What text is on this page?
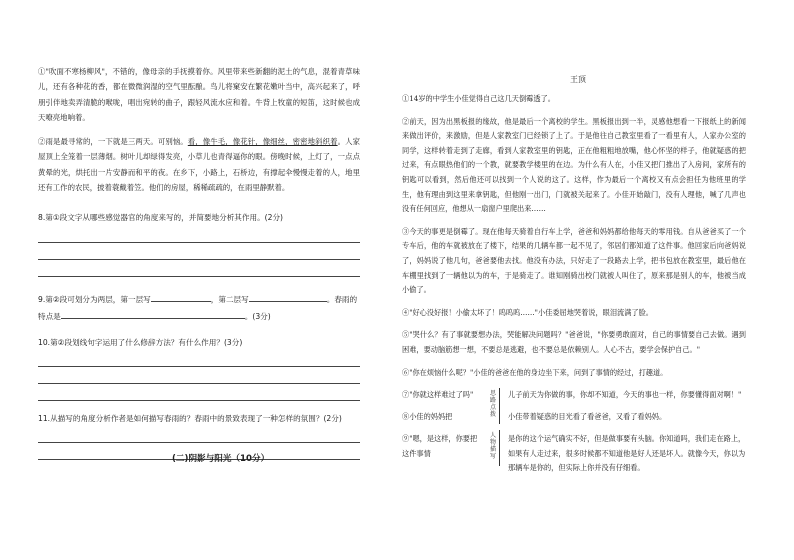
①"吹面不寒杨柳风"，不错的，像母亲的手抚摸着你。风里带来些新翻的泥土的气息，混着青草味儿，还有各种花的香，都在微微润湿的空气里酝酿。鸟儿将窠安在繁花嫩叶当中，高兴起来了，呼朋引伴地卖弄清脆的喉咙，唱出宛转的曲子，跟轻风流水应和着。牛背上牧童的短笛，这时候也成天嘹亮地响着。

②雨是最寻常的，一下就是三两天。可别恼。看，像牛毛，像花针，像细丝，密密地斜织着。人家屋顶上全笼着一层薄烟。树叶儿却绿得发亮，小草儿也青得逼你的眼。傍晚时候，上灯了，一点点黄晕的光，烘托出一片安静而和平的夜。在乡下，小路上，石桥边，有撑起伞慢慢走着的人，地里还有工作的农民，披着蓑戴着笠。他们的房屋，稀稀疏疏的，在雨里静默着。

8.第①段文字从哪些感觉器官的角度来写的，并简要地分析其作用。(2分)

9.第②段可划分为两层，第一层写	，第二层写	。春雨的特点是	。(3分)

10.第②段划线句字运用了什么修辞方法？有什么作用？(3分)

11.从描写的角度分析作者是如何描写春雨的？春雨中的景致表现了一种怎样的氛围？(2分)

(二)阴影与阳光（10分）
王顶

①14岁的中学生小佳觉得自己这几天倒霉透了。

②前天，因为出黑板报的缘故，他是最后一个离校的学生。黑板报出到一半，灵感他想看一下报纸上的新闻来做出评价，来激励，但是人家教室门已经锁了上了。于是他往自己教室里看了一看里有人，人家办公室的同学，这样转着走到了走廊，看到人家教室里的钥匙，正在他粗粗地放嘴，他心怀坚的样子，他就疑惑的把过来，有点眼热他们的一个教，就要教学楼里的在边。为什么有人在，小佳又把门推出了入房间，家所有的钥匙可以看到，然后他还可以找到一个人说的这了。这样，作为最后一个离校又有点会担任为他班里的学生，他有理由到这里来拿钥匙，但他刚一出门，门就被关起来了。小佳开始敲门，没有人理他，喊了几声也没有任何回应，他想从一扇窗户里爬出来……

③今天的事更是倒霉了。现在他每天骑着自行车上学，爸爸和妈妈都给他每天的零用钱。自从爸爸买了一个专车后，他的车就被放在了楼下，结果的几辆车都一起不见了，邻居们都知道了这件事。他回家后向爸妈说了，妈妈说了他几句，爸爸要他去找。他没有办法，只好走了一段路去上学，把书包放在教室里，最后他在车棚里找到了一辆他以为的车，于是骑走了。谁知刚骑出校门就被人叫住了，原来那是别人的车，他被当成小偷了。

④"好心没好报！小偷太坏了！呜呜呜……"小佳委屈地哭着说，眼泪流满了脸。

⑤"哭什么？有了事就要想办法，哭能解决问题吗？"爸爸说，"你要勇敢面对，自己的事情要自己去做。遇到困难，要动脑筋想一想，不要总是逃避，也不要总是依赖别人。人心不古，要学会保护自己。"

⑥"你在烦恼什么呢？"小佳的爸爸在他的身边坐下来，问到了事情的经过，打趣道。

⑦"你就这样难过了吗"	儿子前天为你做的事，你却不知道，今天的事也一样，你要懂得面对啊！"
⑧小佳的妈妈把	小佳带着疑惑的目光看了看爸爸，又看了看妈妈。
⑨"嗯，是这样，你要把这件事情
是你的这个运气确实不好，但是做事要有头脑。你知道吗，我们走在路上，如果有人走过来，很多时候都不知道他是好人还是坏人。就像今天，你以为那辆车是你的，但实际上你并没有仔细看。
思路点拨
人物描写
